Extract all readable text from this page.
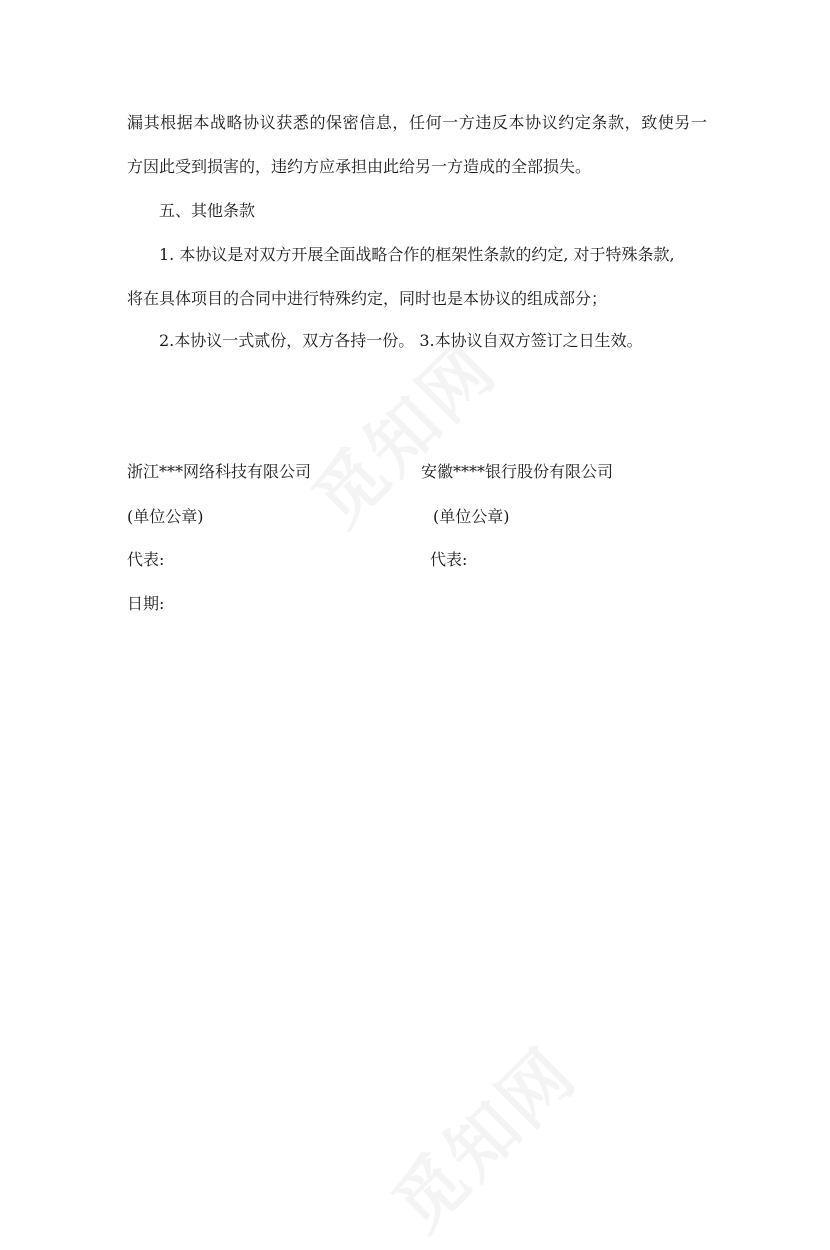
漏其根据本战略协议获悉的保密信息，任何一方违反本协议约定条款，致使另一

方因此受到损害的，违约方应承担由此给另一方造成的全部损失。

五、其他条款

1. 本协议是对双方开展全面战略合作的框架性条款的约定, 对于特殊条款,

将在具体项目的合同中进行特殊约定，同时也是本协议的组成部分；

2.本协议一式贰份，双方各持一份。 3.本协议自双方签订之日生效。

浙江***网络科技有限公司	安徽****银行股份有限公司

(单位公章)	(单位公章)

代表:	代表:

日期:
